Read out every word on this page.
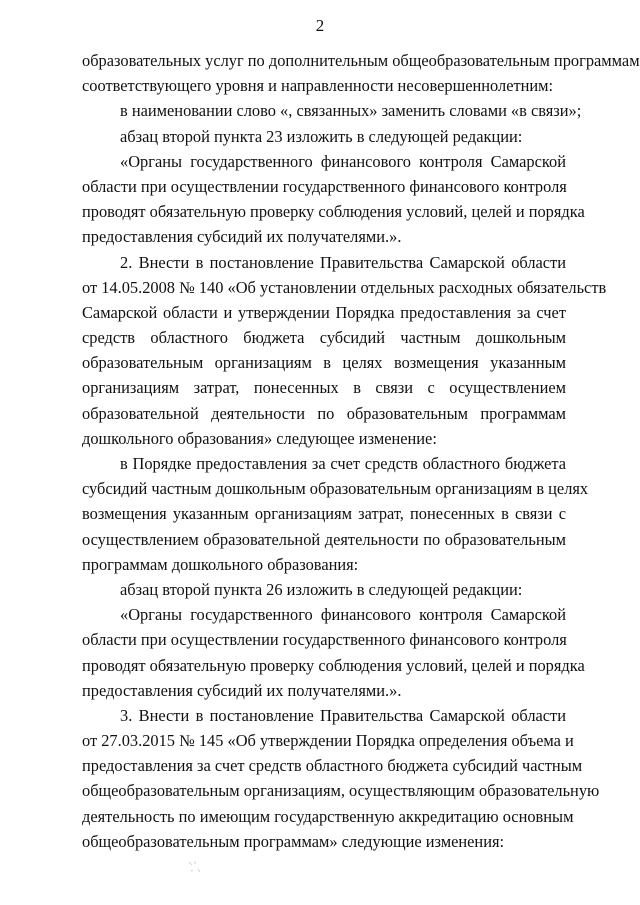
2
образовательных услуг по дополнительным общеобразовательным программам
соответствующего уровня и направленности несовершеннолетним:
в наименовании слово «, связанных» заменить словами «в связи»;
абзац второй пункта 23 изложить в следующей редакции:
«Органы государственного финансового контроля Самарской
области при осуществлении государственного финансового контроля
проводят обязательную проверку соблюдения условий, целей и порядка
предоставления субсидий их получателями.».
2. Внести в постановление Правительства Самарской области
от 14.05.2008 № 140 «Об установлении отдельных расходных обязательств
Самарской области и утверждении Порядка предоставления за счет
средств областного бюджета субсидий частным дошкольным
образовательным организациям в целях возмещения указанным
организациям затрат, понесенных в связи с осуществлением
образовательной деятельности по образовательным программам
дошкольного образования» следующее изменение:
в Порядке предоставления за счет средств областного бюджета
субсидий частным дошкольным образовательным организациям в целях
возмещения указанным организациям затрат, понесенных в связи с
осуществлением образовательной деятельности по образовательным
программам дошкольного образования:
абзац второй пункта 26 изложить в следующей редакции:
«Органы государственного финансового контроля Самарской
области при осуществлении государственного финансового контроля
проводят обязательную проверку соблюдения условий, целей и порядка
предоставления субсидий их получателями.».
3. Внести в постановление Правительства Самарской области
от 27.03.2015 № 145 «Об утверждении Порядка определения объема и
предоставления за счет средств областного бюджета субсидий частным
общеобразовательным организациям, осуществляющим образовательную
деятельность по имеющим государственную аккредитацию основным
общеобразовательным программам» следующие изменения:
